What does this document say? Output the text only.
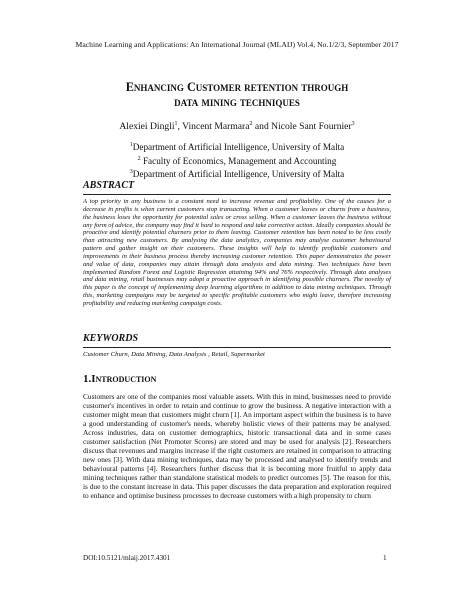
Machine Learning and Applications: An International Journal (MLAIJ) Vol.4, No.1/2/3, September 2017
Enhancing Customer retention through
data mining techniques
Alexiei Dingli$^1$, Vincent Marmara$^2$ and Nicole Sant Fournier$^3$
$^1$Department of Artificial Intelligence, University of Malta
$^2$ Faculty of Economics, Management and Accounting
$^3$Department of Artificial Intelligence, University of Malta
ABSTRACT
A top priority in any business is a constant need to increase revenue and profitability. One of the causes for a decrease in profits is when current customers stop transacting. When a customer leaves or churns from a business, the business loses the opportunity for potential sales or cross selling. When a customer leaves the business without any form of advice, the company may find it hard to respond and take corrective action. Ideally companies should be proactive and identify potential churners prior to them leaving. Customer retention has been noted to be less costly than attracting new customers. By analysing the data analytics, companies may analyse customer behavioural pattern and gather insight on their customers. These insights will help to identify profitable customers and improvements in their business process thereby increasing customer retention. This paper demonstrates the power and value of data, companies may attain through data analysis and data mining. Two techniques have been implemented Random Forest and Logistic Regression attaining 94% and 76% respectively. Through data analyses and data mining, retail businesses may adopt a proactive approach in identifying possible churners. The novelty of this paper is the concept of implementing deep learning algorithms in addition to data mining techniques. Through this, marketing campaigns may be targeted to specific profitable customers who might leave, therefore increasing profitability and reducing marketing campaign costs.
KEYWORDS
Customer Churn, Data Mining, Data Analysis , Retail, Supermarket
1.Introduction
Customers are one of the companies most valuable assets. With this in mind, businesses need to provide customer's incentives in order to retain and continue to grow the business. A negative interaction with a customer might mean that customers might churn [1]. An important aspect within the business is to have a good understanding of customer's needs, whereby holistic views of their patterns may be analysed. Across industries, data on customer demographics, historic transactional data and in some cases customer satisfaction (Net Promoter Scores) are stored and may be used for analysis [2]. Researchers discuss that revenues and margins increase if the right customers are retained in comparison to attracting new ones [3]. With data mining techniques, data may be processed and analysed to identify trends and behavioural patterns [4]. Researchers further discuss that it is becoming more fruitful to apply data mining techniques rather than standalone statistical models to predict outcomes [5]. The reason for this, is due to the constant increase in data. This paper discusses the data preparation and exploration required to enhance and optimise business processes to decrease customers with a high propensity to churn
DOI:10.5121/mlaij.2017.4301	1
